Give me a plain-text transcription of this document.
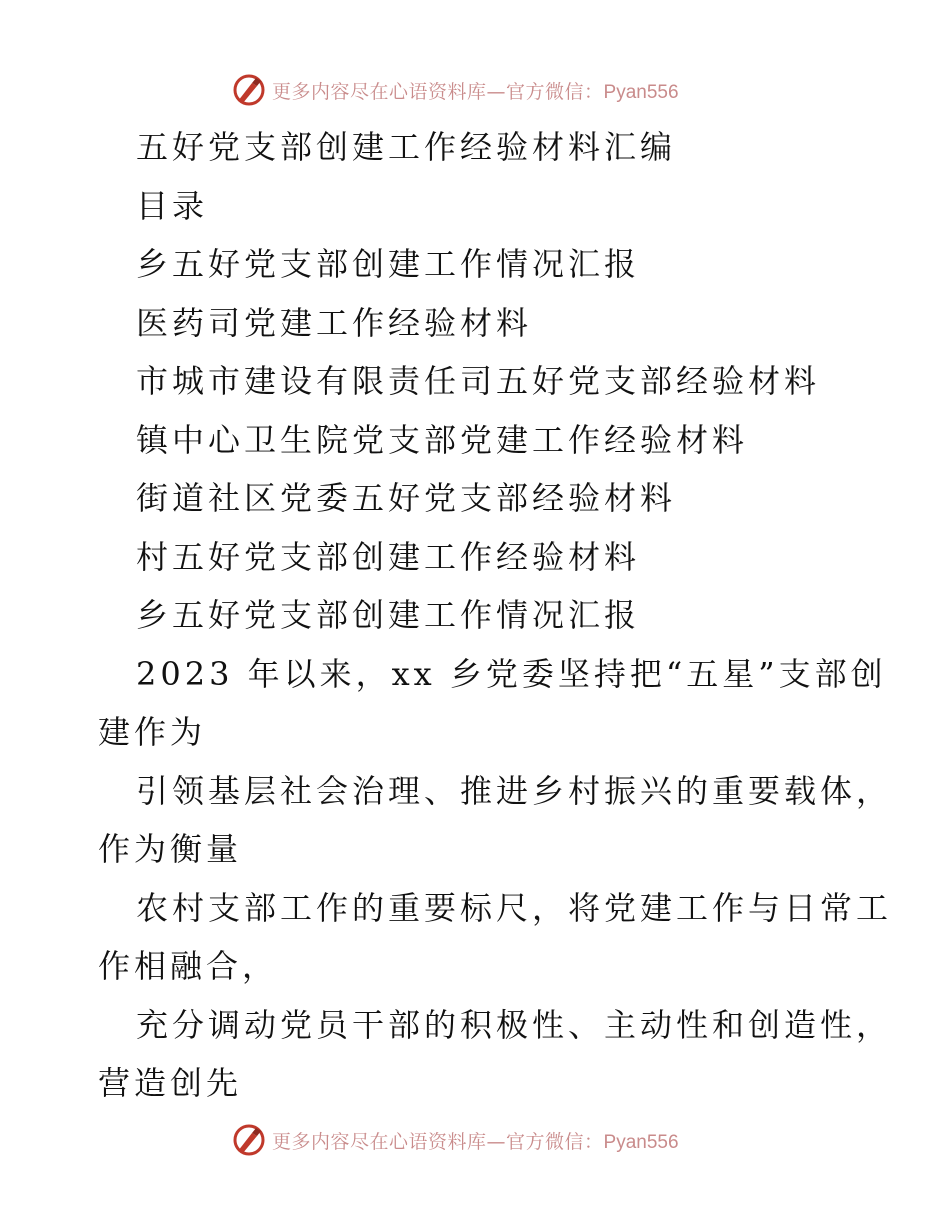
更多内容尽在心语资料库—官方微信：Pyan556
五好党支部创建工作经验材料汇编
目录
乡五好党支部创建工作情况汇报
医药司党建工作经验材料
市城市建设有限责任司五好党支部经验材料
镇中心卫生院党支部党建工作经验材料
街道社区党委五好党支部经验材料
村五好党支部创建工作经验材料
乡五好党支部创建工作情况汇报
2023 年以来，xx 乡党委坚持把“五星”支部创
建作为
引领基层社会治理、推进乡村振兴的重要载体，
作为衡量
农村支部工作的重要标尺，将党建工作与日常工
作相融合，
充分调动党员干部的积极性、主动性和创造性，
营造创先
更多内容尽在心语资料库—官方微信：Pyan556
